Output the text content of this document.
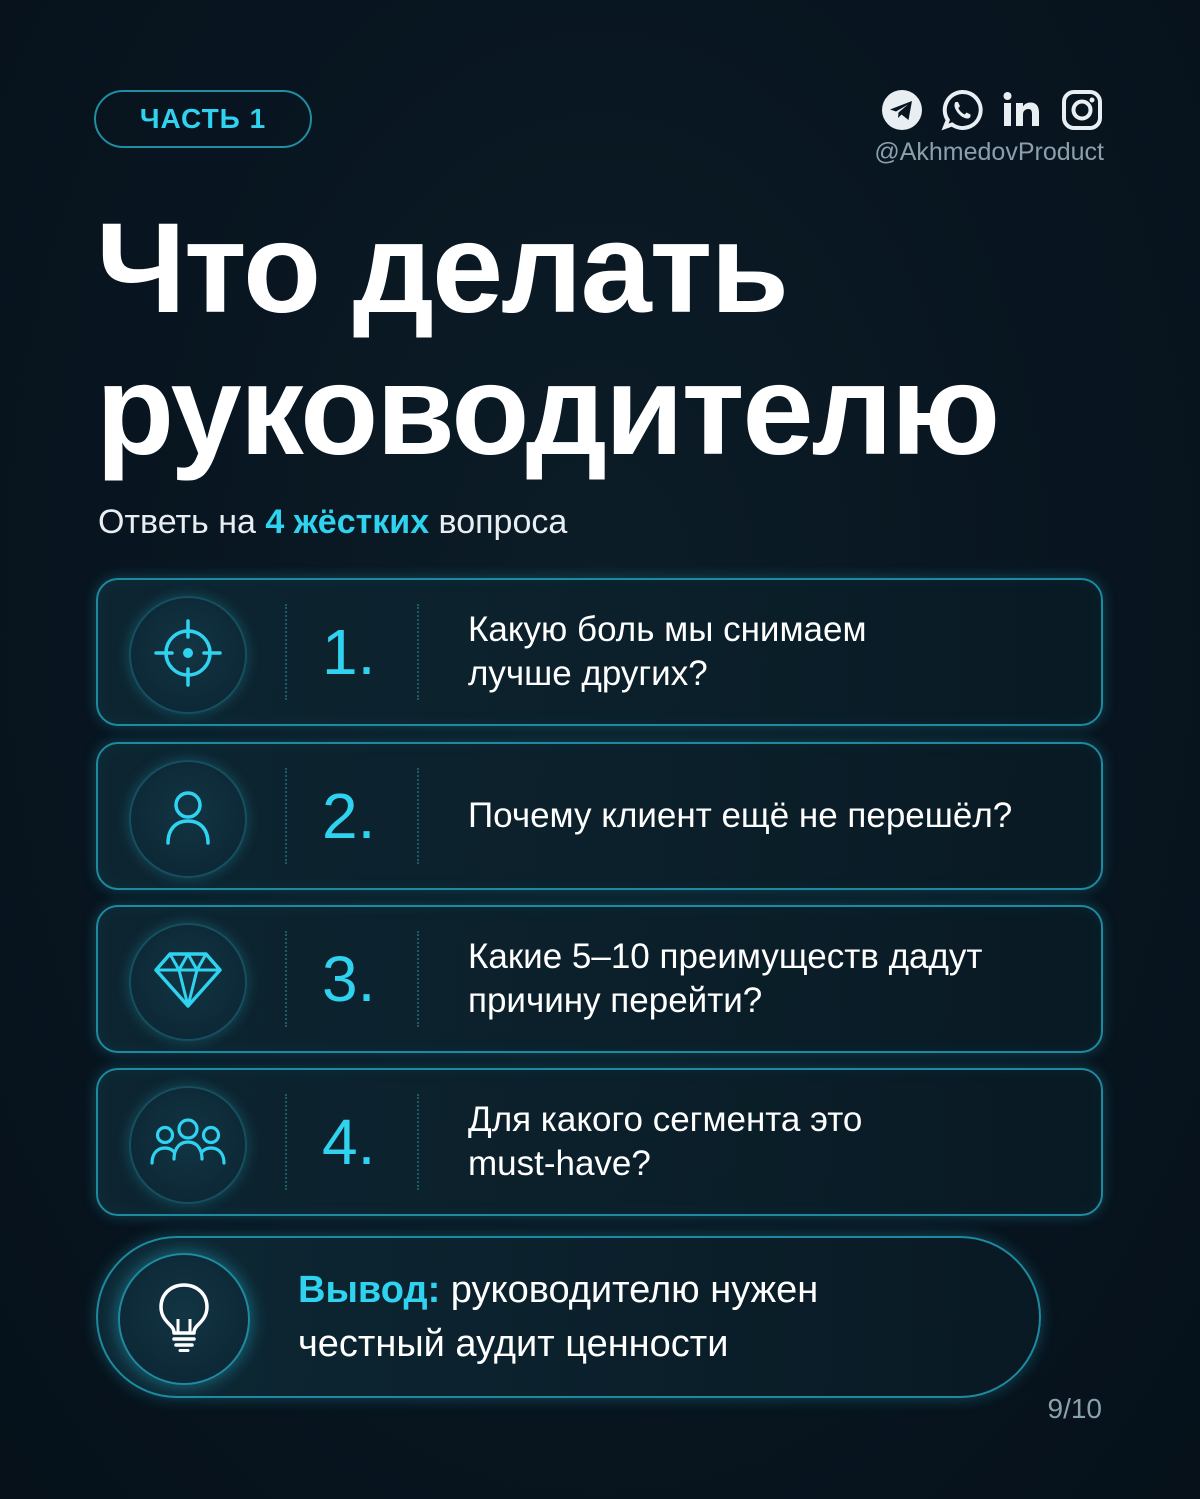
ЧАСТЬ 1
@AkhmedovProduct
Что делать
руководителю
Ответь на 4 жёстких вопроса
1.	Какую боль мы снимаем
лучше других?
2.	Почему клиент ещё не перешёл?
3.	Какие 5–10 преимуществ дадут
причину перейти?
4.	Для какого сегмента это
must-have?
Вывод: руководителю нужен
честный аудит ценности
9/10
